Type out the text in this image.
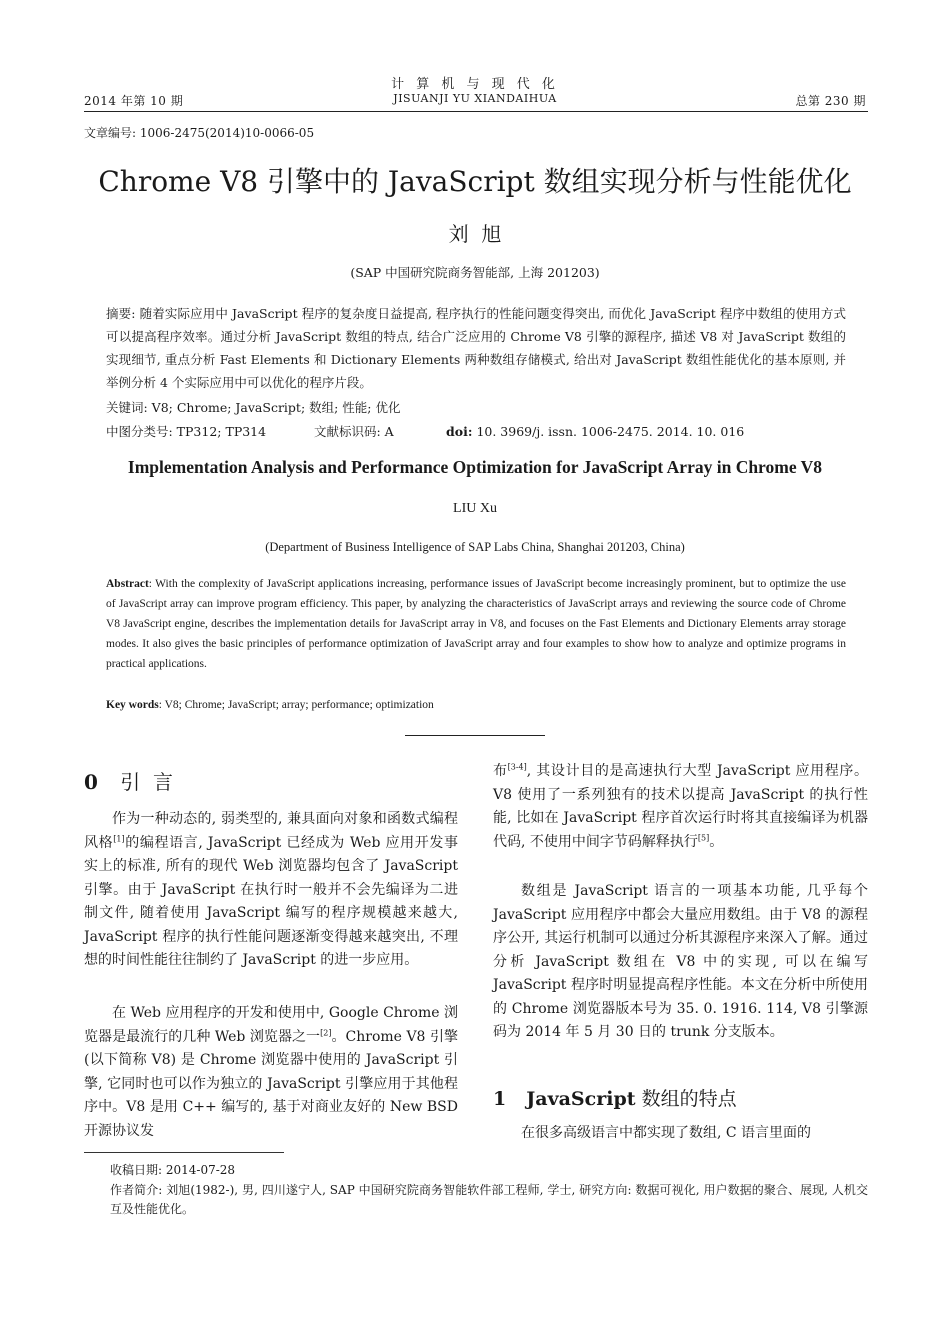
2014 年第 10 期
计 算 机 与 现 代 化
JISUANJI YU XIANDAIHUA	总第 230 期
文章编号: 1006-2475(2014)10-0066-05
Chrome V8 引擎中的 JavaScript 数组实现分析与性能优化
刘  旭
(SAP 中国研究院商务智能部, 上海 201203)
摘要: 随着实际应用中 JavaScript 程序的复杂度日益提高, 程序执行的性能问题变得突出, 而优化 JavaScript 程序中数组的使用方式可以提高程序效率。通过分析 JavaScript 数组的特点, 结合广泛应用的 Chrome V8 引擎的源程序, 描述 V8 对 JavaScript 数组的实现细节, 重点分析 Fast Elements 和 Dictionary Elements 两种数组存储模式, 给出对 JavaScript 数组性能优化的基本原则, 并举例分析 4 个实际应用中可以优化的程序片段。
关键词: V8; Chrome; JavaScript; 数组; 性能; 优化
中图分类号: TP312; TP314	文献标识码: A	doi: 10. 3969/j. issn. 1006-2475. 2014. 10. 016
Implementation Analysis and Performance Optimization for JavaScript Array in Chrome V8
LIU Xu
(Department of Business Intelligence of SAP Labs China, Shanghai 201203, China)
Abstract: With the complexity of JavaScript applications increasing, performance issues of JavaScript become increasingly prominent, but to optimize the use of JavaScript array can improve program efficiency. This paper, by analyzing the characteristics of JavaScript arrays and reviewing the source code of Chrome V8 JavaScript engine, describes the implementation details for JavaScript array in V8, and focuses on the Fast Elements and Dictionary Elements array storage modes. It also gives the basic principles of performance optimization of JavaScript array and four examples to show how to analyze and optimize programs in practical applications.
Key words: V8; Chrome; JavaScript; array; performance; optimization
0 引  言
作为一种动态的, 弱类型的, 兼具面向对象和函数式编程风格[1]的编程语言, JavaScript 已经成为 Web 应用开发事实上的标准, 所有的现代 Web 浏览器均包含了 JavaScript 引擎。由于 JavaScript 在执行时一般并不会先编译为二进制文件, 随着使用 JavaScript 编写的程序规模越来越大, JavaScript 程序的执行性能问题逐渐变得越来越突出, 不理想的时间性能往往制约了 JavaScript 的进一步应用。
在 Web 应用程序的开发和使用中, Google Chrome 浏览器是最流行的几种 Web 浏览器之一[2]。Chrome V8 引擎(以下简称 V8) 是 Chrome 浏览器中使用的 JavaScript 引擎, 它同时也可以作为独立的 JavaScript 引擎应用于其他程序中。V8 是用 C++ 编写的, 基于对商业友好的 New BSD 开源协议发
布[3-4], 其设计目的是高速执行大型 JavaScript 应用程序。V8 使用了一系列独有的技术以提高 JavaScript 的执行性能, 比如在 JavaScript 程序首次运行时将其直接编译为机器代码, 不使用中间字节码解释执行[5]。
数组是 JavaScript 语言的一项基本功能, 几乎每个 JavaScript 应用程序中都会大量应用数组。由于 V8 的源程序公开, 其运行机制可以通过分析其源程序来深入了解。通过分析 JavaScript 数组在 V8 中的实现, 可以在编写 JavaScript 程序时明显提高程序性能。本文在分析中所使用的 Chrome 浏览器版本号为 35. 0. 1916. 114, V8 引擎源码为 2014 年 5 月 30 日的 trunk 分支版本。
1 JavaScript 数组的特点
在很多高级语言中都实现了数组, C 语言里面的
收稿日期: 2014-07-28
作者简介: 刘旭(1982-), 男, 四川遂宁人, SAP 中国研究院商务智能软件部工程师, 学士, 研究方向: 数据可视化, 用户数据的聚合、展现, 人机交互及性能优化。
